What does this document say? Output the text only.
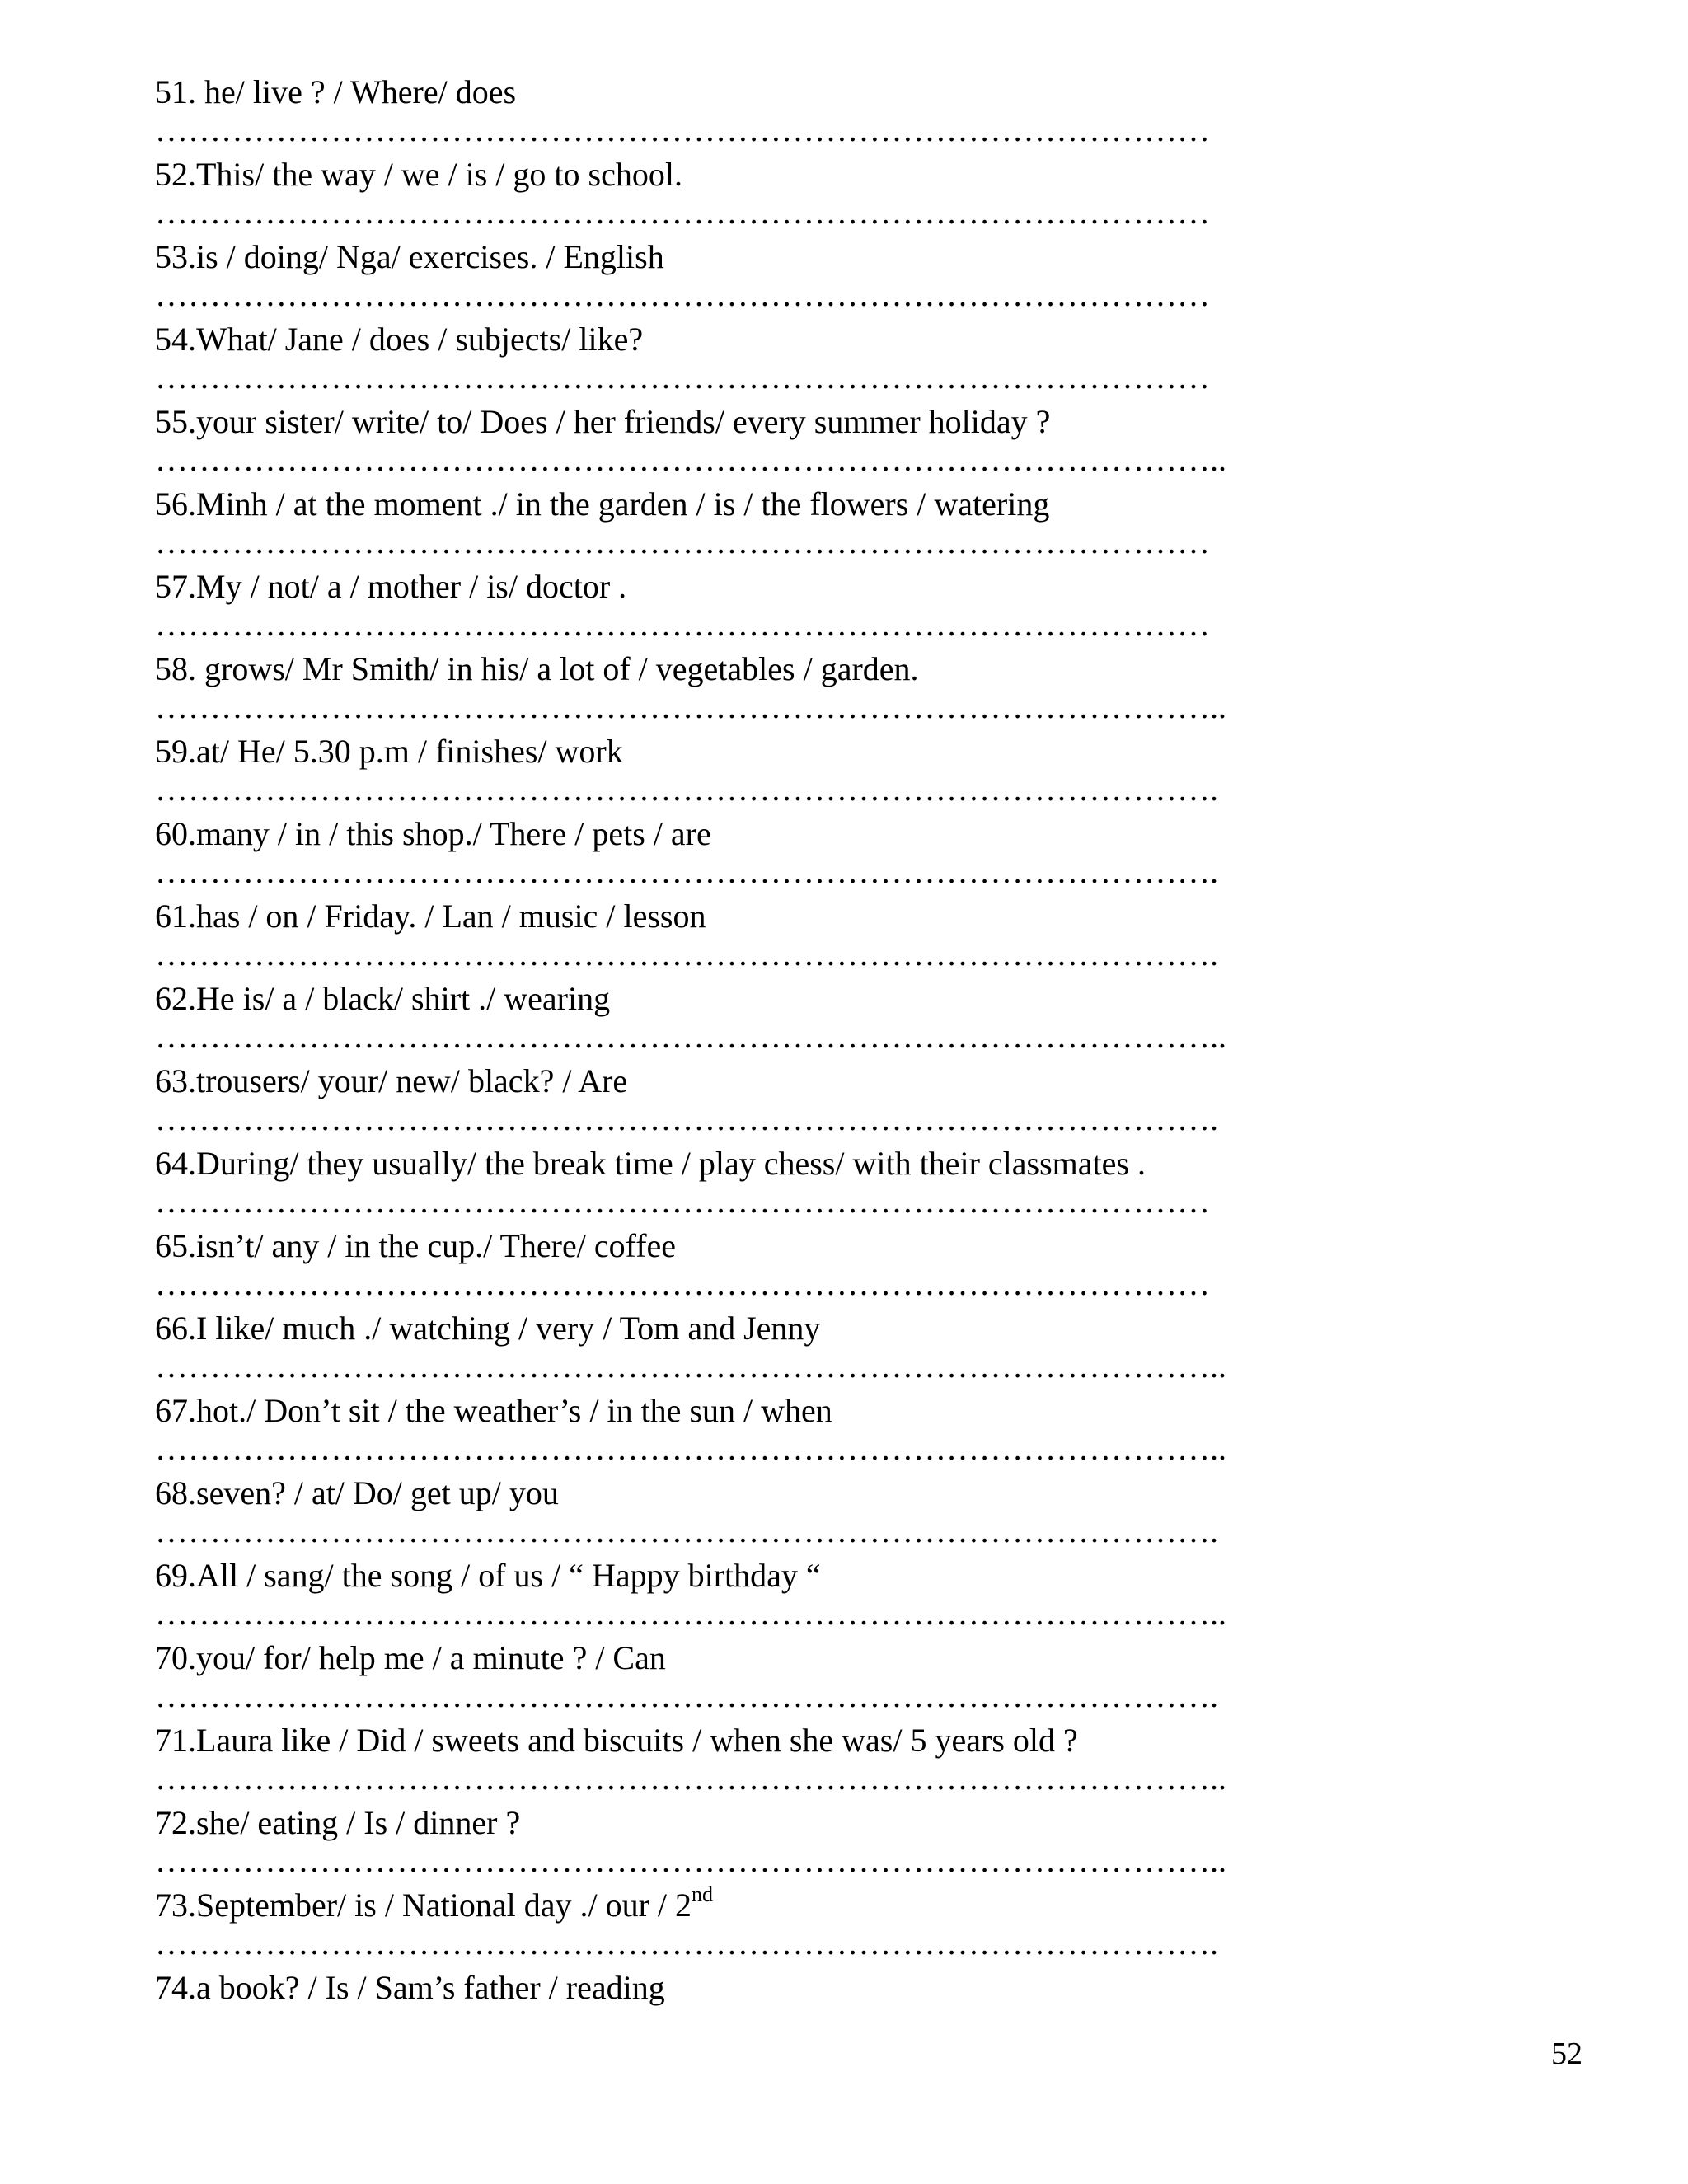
51. he/ live ? / Where/ does
……………………………………………………………………………………
52.This/ the way / we / is / go to school.
……………………………………………………………………………………
53.is / doing/ Nga/ exercises. / English
……………………………………………………………………………………
54.What/ Jane / does / subjects/ like?
……………………………………………………………………………………
55.your sister/ write/ to/ Does / her friends/ every summer holiday ?
……………………………………………………………………………………..
56.Minh / at the moment ./ in the garden / is / the flowers / watering
……………………………………………………………………………………
57.My / not/ a / mother / is/ doctor .
……………………………………………………………………………………
58. grows/ Mr Smith/ in his/ a lot of / vegetables / garden.
……………………………………………………………………………………..
59.at/ He/ 5.30 p.m / finishes/ work
…………………………………………………………………………………….
60.many / in / this shop./ There / pets / are
…………………………………………………………………………………….
61.has / on / Friday. / Lan / music / lesson
…………………………………………………………………………………….
62.He is/ a / black/ shirt ./ wearing
……………………………………………………………………………………..
63.trousers/ your/ new/ black? / Are
…………………………………………………………………………………….
64.During/ they usually/ the break time / play chess/ with their classmates .
……………………………………………………………………………………
65.isn’t/ any / in the cup./ There/ coffee
……………………………………………………………………………………
66.I like/ much ./ watching / very / Tom and Jenny
……………………………………………………………………………………..
67.hot./ Don’t sit / the weather’s / in the sun / when
……………………………………………………………………………………..
68.seven? / at/ Do/ get up/ you
…………………………………………………………………………………….
69.All / sang/ the song / of us / “ Happy birthday “
……………………………………………………………………………………..
70.you/ for/ help me / a minute ? / Can
…………………………………………………………………………………….
71.Laura like / Did / sweets and biscuits / when she was/ 5 years old ?
……………………………………………………………………………………..
72.she/ eating / Is / dinner ?
……………………………………………………………………………………..
73.September/ is / National day ./ our / 2nd
…………………………………………………………………………………….
74.a book? / Is / Sam’s father / reading
52
